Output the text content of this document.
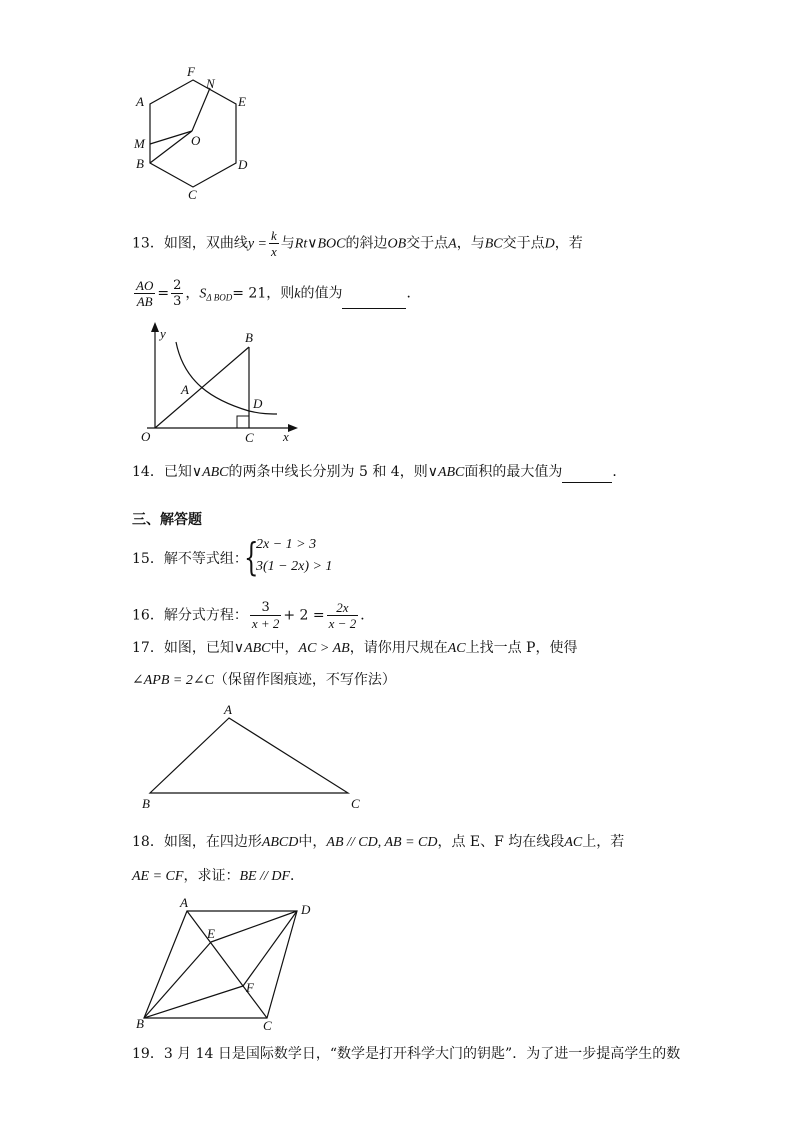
F
N
A	E
M	O
B	D
C
13．如图，双曲线$y = \frac{k}{x}$ 与Rt∨BOC的斜边OB交于点A，与BC交于点D，若
$\frac{AO}{AB} = \frac{2}{3}$ ，$S_{\Delta BOD}= 21$，则k的值为	．
y	B
A
D
O	C x
14．已知∨ABC的两条中线长分别为 5 和 4，则∨ABC面积的最大值为	．
三、解答题
15．解不等式组：
{
2x − 1 > 3
3(1 − 2x) > 1
16．解分式方程： $\frac{3}{x + 2} + 2 = \frac{2x}{x - 2}$ ．
17．如图，已知∨ABC中，AC > AB，请你用尺规在AC上找一点 P，使得
∠APB = 2∠C（保留作图痕迹，不写作法）
A
B	C
18．如图，在四边形ABCD中，AB // CD, AB = CD，点 E、F 均在线段AC上，若
AE = CF，求证：BE // DF．
A	D
E
F
B	C
19．3 月 14 日是国际数学日，“数学是打开科学大门的钥匙”．为了进一步提高学生的数
